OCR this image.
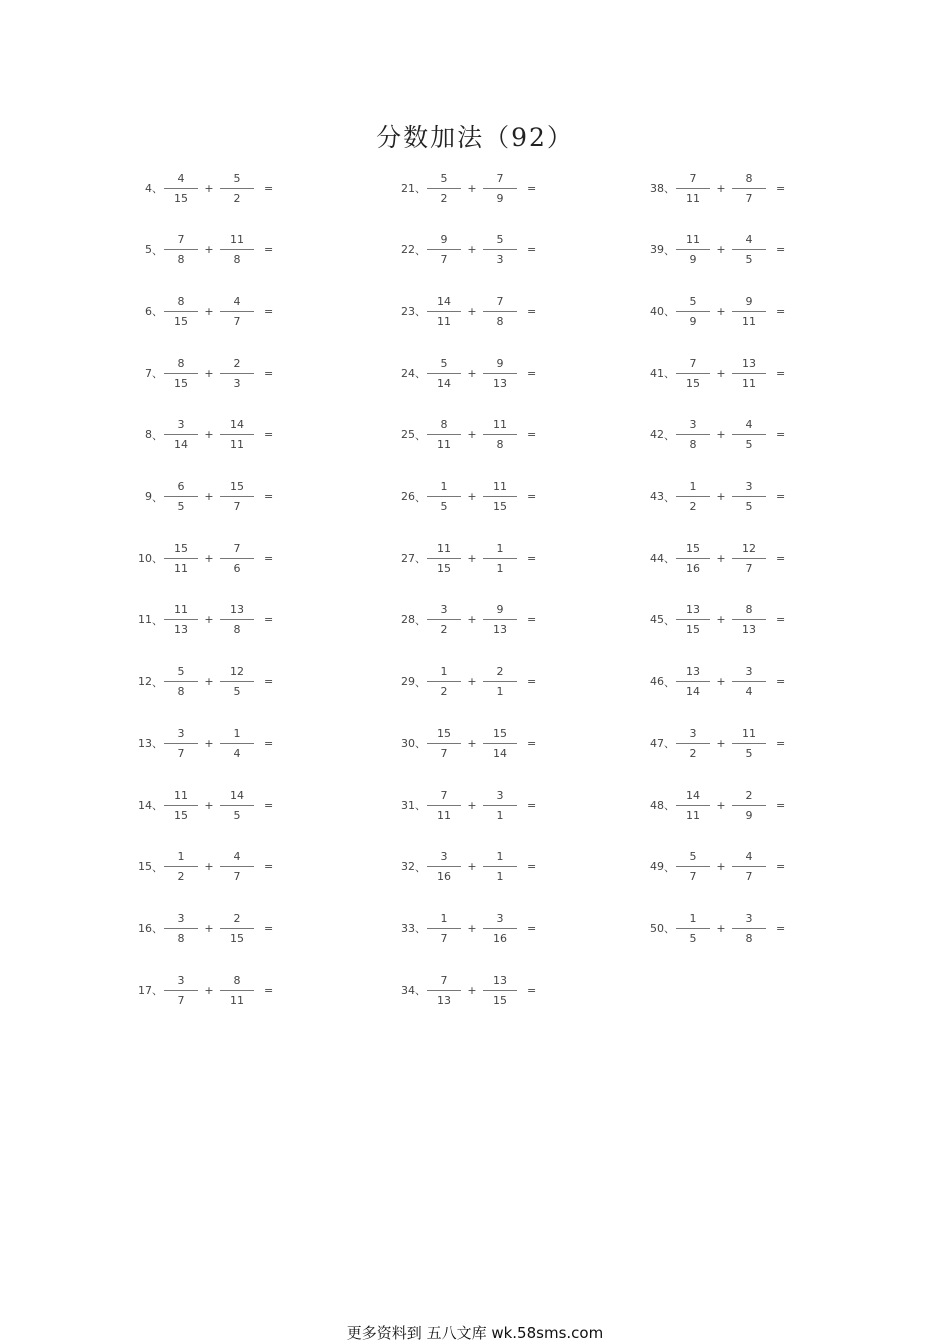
分数加法（92）
4 、 $\frac{4}{15} + \frac{5}{2}$ =
5 、 $\frac{7}{8} + \frac{11}{8}$ =
6 、 $\frac{8}{15} + \frac{4}{7}$ =
7 、 $\frac{8}{15} + \frac{2}{3}$ =
8 、 $\frac{3}{14} + \frac{14}{11}$ =
9 、 $\frac{6}{5} + \frac{15}{7}$ =
10 、 $\frac{15}{11} + \frac{7}{6}$ =
11 、 $\frac{11}{13} + \frac{13}{8}$ =
12 、 $\frac{5}{8} + \frac{12}{5}$ =
13 、 $\frac{3}{7} + \frac{1}{4}$ =
14 、 $\frac{11}{15} + \frac{14}{5}$ =
15 、 $\frac{1}{2} + \frac{4}{7}$ =
16 、 $\frac{3}{8} + \frac{2}{15}$ =
17 、 $\frac{3}{7} + \frac{8}{11}$ =
21 、 $\frac{5}{2} + \frac{7}{9}$ =
22 、 $\frac{9}{7} + \frac{5}{3}$ =
23 、 $\frac{14}{11} + \frac{7}{8}$ =
24 、 $\frac{5}{14} + \frac{9}{13}$ =
25 、 $\frac{8}{11} + \frac{11}{8}$ =
26 、 $\frac{1}{5} + \frac{11}{15}$ =
27 、 $\frac{11}{15} + \frac{1}{1}$ =
28 、 $\frac{3}{2} + \frac{9}{13}$ =
29 、 $\frac{1}{2} + \frac{2}{1}$ =
30 、 $\frac{15}{7} + \frac{15}{14}$ =
31 、 $\frac{7}{11} + \frac{3}{1}$ =
32 、 $\frac{3}{16} + \frac{1}{1}$ =
33 、 $\frac{1}{7} + \frac{3}{16}$ =
34 、 $\frac{7}{13} + \frac{13}{15}$ =
38 、 $\frac{7}{11} + \frac{8}{7}$ =
39 、 $\frac{11}{9} + \frac{4}{5}$ =
40 、 $\frac{5}{9} + \frac{9}{11}$ =
41 、 $\frac{7}{15} + \frac{13}{11}$ =
42 、 $\frac{3}{8} + \frac{4}{5}$ =
43 、 $\frac{1}{2} + \frac{3}{5}$ =
44 、 $\frac{15}{16} + \frac{12}{7}$ =
45 、 $\frac{13}{15} + \frac{8}{13}$ =
46 、 $\frac{13}{14} + \frac{3}{4}$ =
47 、 $\frac{3}{2} + \frac{11}{5}$ =
48 、 $\frac{14}{11} + \frac{2}{9}$ =
49 、 $\frac{5}{7} + \frac{4}{7}$ =
50 、 $\frac{1}{5} + \frac{3}{8}$ =
更多资料到 五八文库 wk.58sms.com
